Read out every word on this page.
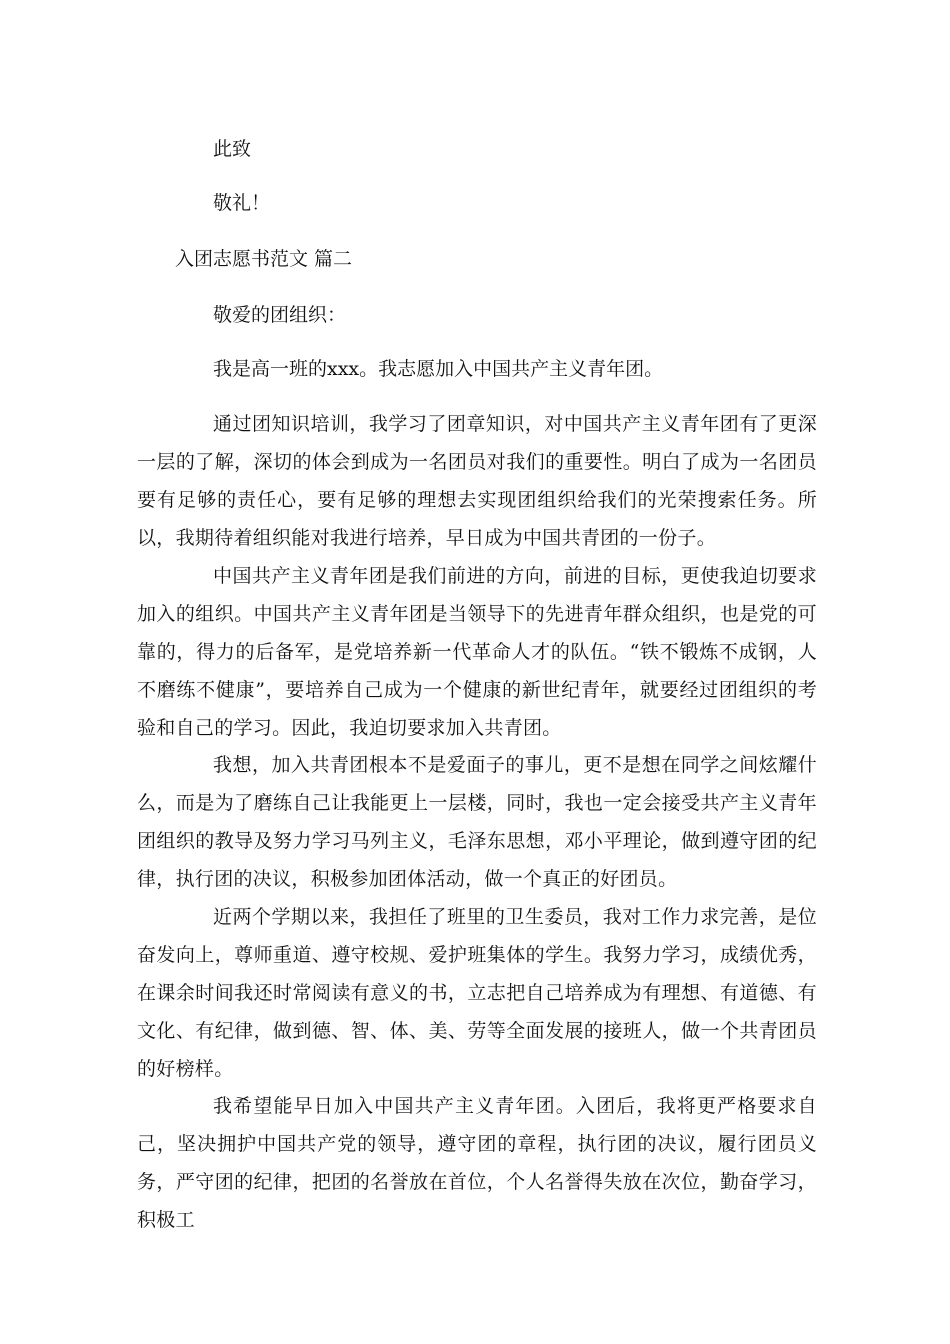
此致

敬礼！

入团志愿书范文 篇二

敬爱的团组织：

我是高一班的xxx。我志愿加入中国共产主义青年团。

通过团知识培训，我学习了团章知识，对中国共产主义青年团有了更深一层的了解，深切的体会到成为一名团员对我们的重要性。明白了成为一名团员要有足够的责任心，要有足够的理想去实现团组织给我们的光荣搜索任务。所以，我期待着组织能对我进行培养，早日成为中国共青团的一份子。

中国共产主义青年团是我们前进的方向，前进的目标，更使我迫切要求加入的组织。中国共产主义青年团是当领导下的先进青年群众组织，也是党的可靠的，得力的后备军，是党培养新一代革命人才的队伍。“铁不锻炼不成钢，人不磨练不健康”，要培养自己成为一个健康的新世纪青年，就要经过团组织的考验和自己的学习。因此，我迫切要求加入共青团。

我想，加入共青团根本不是爱面子的事儿，更不是想在同学之间炫耀什么，而是为了磨练自己让我能更上一层楼，同时，我也一定会接受共产主义青年团组织的教导及努力学习马列主义，毛泽东思想，邓小平理论，做到遵守团的纪律，执行团的决议，积极参加团体活动，做一个真正的好团员。

近两个学期以来，我担任了班里的卫生委员，我对工作力求完善，是位奋发向上，尊师重道、遵守校规、爱护班集体的学生。我努力学习，成绩优秀，在课余时间我还时常阅读有意义的书，立志把自己培养成为有理想、有道德、有文化、有纪律，做到德、智、体、美、劳等全面发展的接班人，做一个共青团员的好榜样。

我希望能早日加入中国共产主义青年团。入团后，我将更严格要求自己，坚决拥护中国共产党的领导，遵守团的章程，执行团的决议，履行团员义务，严守团的纪律，把团的名誉放在首位，个人名誉得失放在次位，勤奋学习，积极工
